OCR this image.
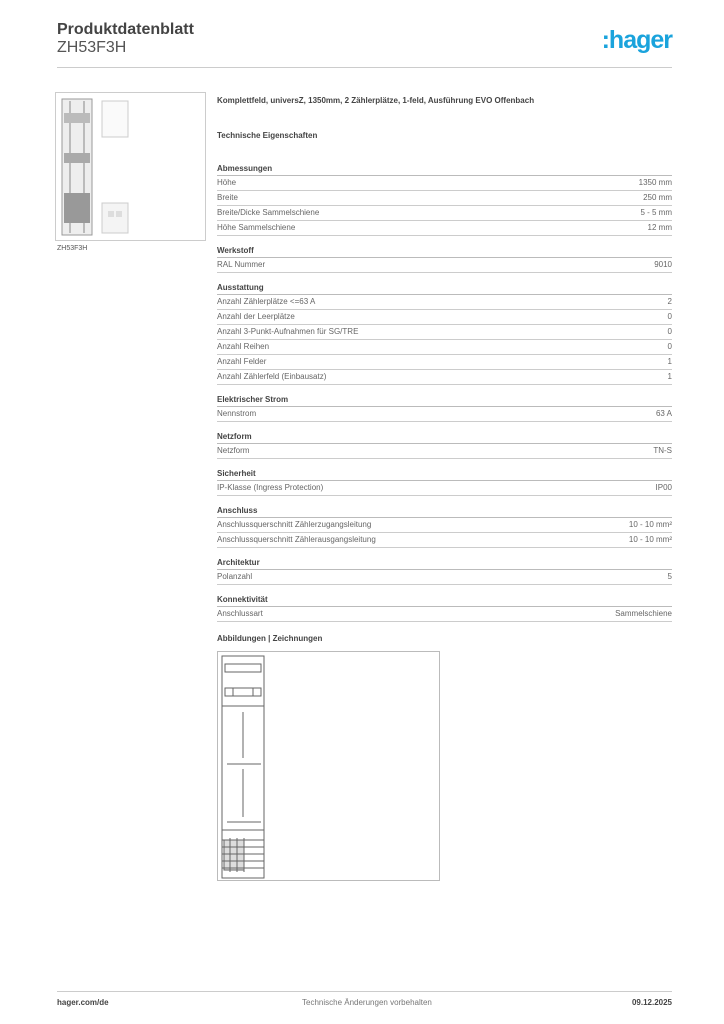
Produktdatenblatt
ZH53F3H	:hager
ZH53F3H
Komplettfeld, universZ, 1350mm, 2 Zählerplätze, 1-feld, Ausführung EVO Offenbach
Technische Eigenschaften
Abmessungen
Höhe	1350 mm
Breite	250 mm
Breite/Dicke Sammelschiene	5 - 5 mm
Höhe Sammelschiene	12 mm
Werkstoff
RAL Nummer	9010
Ausstattung
Anzahl Zählerplätze <=63 A	2
Anzahl der Leerplätze	0
Anzahl 3-Punkt-Aufnahmen für SG/TRE	0
Anzahl Reihen	0
Anzahl Felder	1
Anzahl Zählerfeld (Einbausatz)	1
Elektrischer Strom
Nennstrom	63 A
Netzform
Netzform	TN-S
Sicherheit
IP-Klasse (Ingress Protection)	IP00
Anschluss
Anschlussquerschnitt Zählerzugangsleitung	10 - 10 mm²
Anschlussquerschnitt Zählerausgangsleitung	10 - 10 mm²
Architektur
Polanzahl	5
Konnektivität
Anschlussart	Sammelschiene
Abbildungen | Zeichnungen
hager.com/de	Technische Änderungen vorbehalten	09.12.2025
